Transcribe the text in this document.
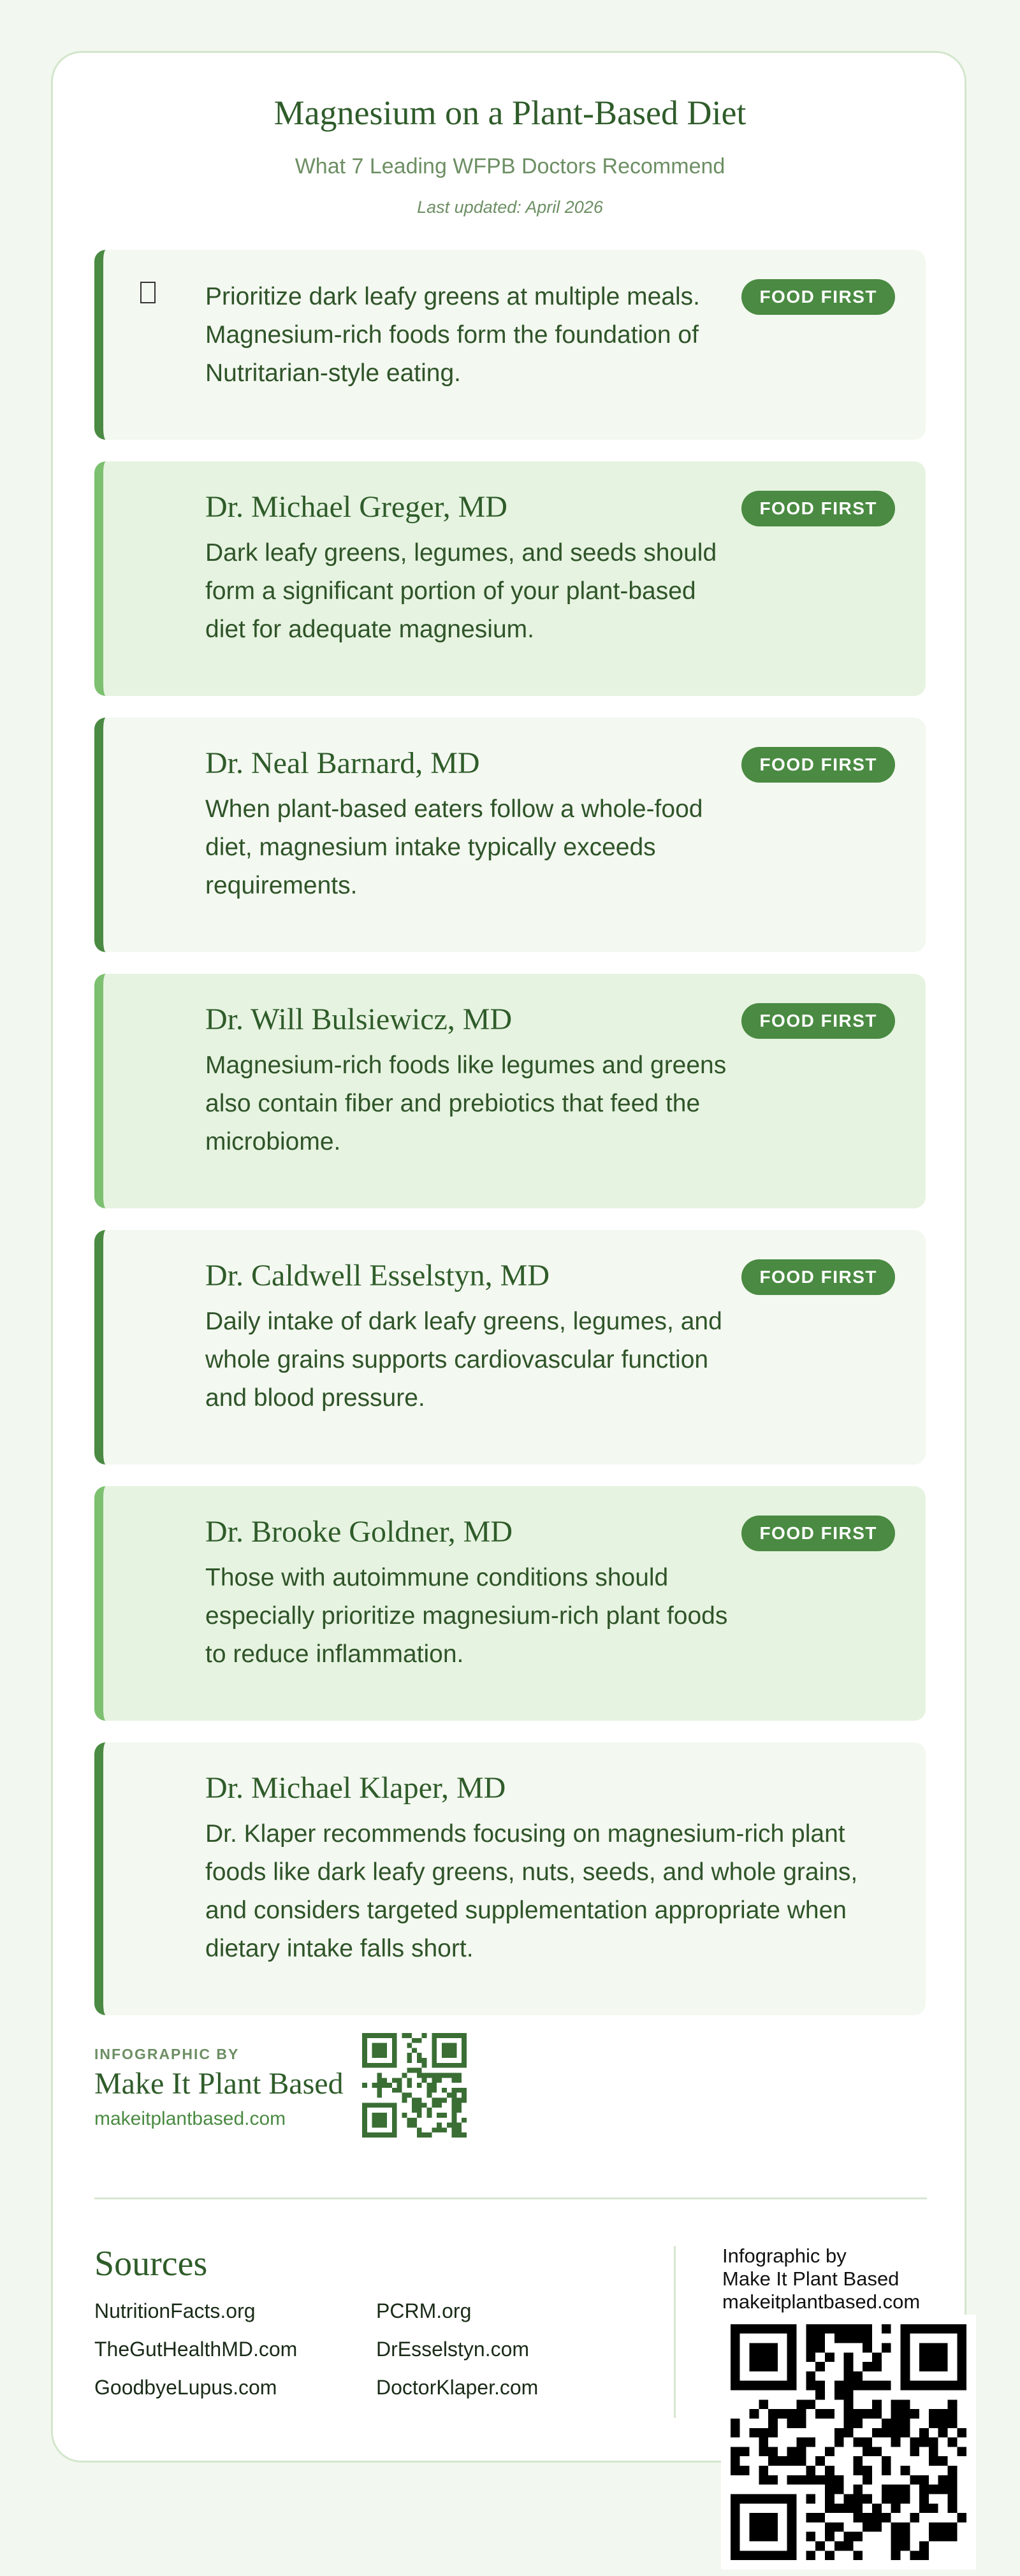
Magnesium on a Plant-Based Diet
What 7 Leading WFPB Doctors Recommend
Last updated: April 2026
Prioritize dark leafy greens at multiple meals. Magnesium-rich foods form the foundation of Nutritarian-style eating.
FOOD FIRST
Dr. Michael Greger, MD
Dark leafy greens, legumes, and seeds should form a significant portion of your plant-based diet for adequate magnesium.
FOOD FIRST
Dr. Neal Barnard, MD
When plant-based eaters follow a whole-food diet, magnesium intake typically exceeds requirements.
FOOD FIRST
Dr. Will Bulsiewicz, MD
Magnesium-rich foods like legumes and greens also contain fiber and prebiotics that feed the microbiome.
FOOD FIRST
Dr. Caldwell Esselstyn, MD
Daily intake of dark leafy greens, legumes, and whole grains supports cardiovascular function and blood pressure.
FOOD FIRST
Dr. Brooke Goldner, MD
Those with autoimmune conditions should especially prioritize magnesium-rich plant foods to reduce inflammation.
FOOD FIRST
Dr. Michael Klaper, MD
Dr. Klaper recommends focusing on magnesium-rich plant foods like dark leafy greens, nuts, seeds, and whole grains, and considers targeted supplementation appropriate when dietary intake falls short.
INFOGRAPHIC BY
Make It Plant Based
makeitplantbased.com
Sources
NutritionFacts.org	PCRM.org
TheGutHealthMD.com	DrEsselstyn.com
GoodbyeLupus.com	DoctorKlaper.com
Infographic by
Make It Plant Based
makeitplantbased.com
